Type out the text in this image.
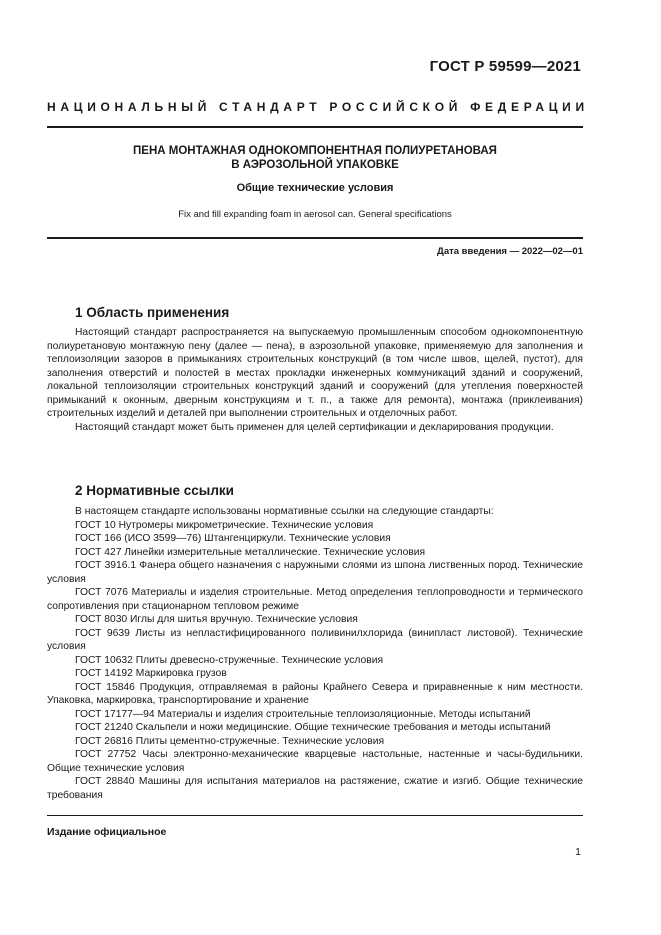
ГОСТ Р 59599—2021
НАЦИОНАЛЬНЫЙ СТАНДАРТ РОССИЙСКОЙ ФЕДЕРАЦИИ
ПЕНА МОНТАЖНАЯ ОДНОКОМПОНЕНТНАЯ ПОЛИУРЕТАНОВАЯ
В АЭРОЗОЛЬНОЙ УПАКОВКЕ
Общие технические условия
Fix and fill expanding foam in aerosol can. General specifications
Дата введения — 2022—02—01
1 Область применения

Настоящий стандарт распространяется на выпускаемую промышленным способом однокомпонентную полиуретановую монтажную пену (далее — пена), в аэрозольной упаковке, применяемую для заполнения и теплоизоляции зазоров в примыканиях строительных конструкций (в том числе швов, щелей, пустот), для заполнения отверстий и полостей в местах прокладки инженерных коммуникаций зданий и сооружений, локальной теплоизоляции строительных конструкций зданий и сооружений (для утепления поверхностей примыканий к оконным, дверным конструкциям и т. п., а также для ремонта), монтажа (приклеивания) строительных изделий и деталей при выполнении строительных и отделочных работ.

Настоящий стандарт может быть применен для целей сертификации и декларирования продукции.

2 Нормативные ссылки

В настоящем стандарте использованы нормативные ссылки на следующие стандарты:

ГОСТ 10 Нутромеры микрометрические. Технические условия

ГОСТ 166 (ИСО 3599—76) Штангенциркули. Технические условия

ГОСТ 427 Линейки измерительные металлические. Технические условия

ГОСТ 3916.1 Фанера общего назначения с наружными слоями из шпона лиственных пород. Технические условия

ГОСТ 7076 Материалы и изделия строительные. Метод определения теплопроводности и термического сопротивления при стационарном тепловом режиме

ГОСТ 8030 Иглы для шитья вручную. Технические условия

ГОСТ 9639 Листы из непластифицированного поливинилхлорида (винипласт листовой). Технические условия

ГОСТ 10632 Плиты древесно-стружечные. Технические условия

ГОСТ 14192 Маркировка грузов

ГОСТ 15846 Продукция, отправляемая в районы Крайнего Севера и приравненные к ним местности. Упаковка, маркировка, транспортирование и хранение

ГОСТ 17177—94 Материалы и изделия строительные теплоизоляционные. Методы испытаний

ГОСТ 21240 Скальпели и ножи медицинские. Общие технические требования и методы испытаний

ГОСТ 26816 Плиты цементно-стружечные. Технические условия

ГОСТ 27752 Часы электронно-механические кварцевые настольные, настенные и часы-будильники. Общие технические условия

ГОСТ 28840 Машины для испытания материалов на растяжение, сжатие и изгиб. Общие технические требования

Издание официальное
1
